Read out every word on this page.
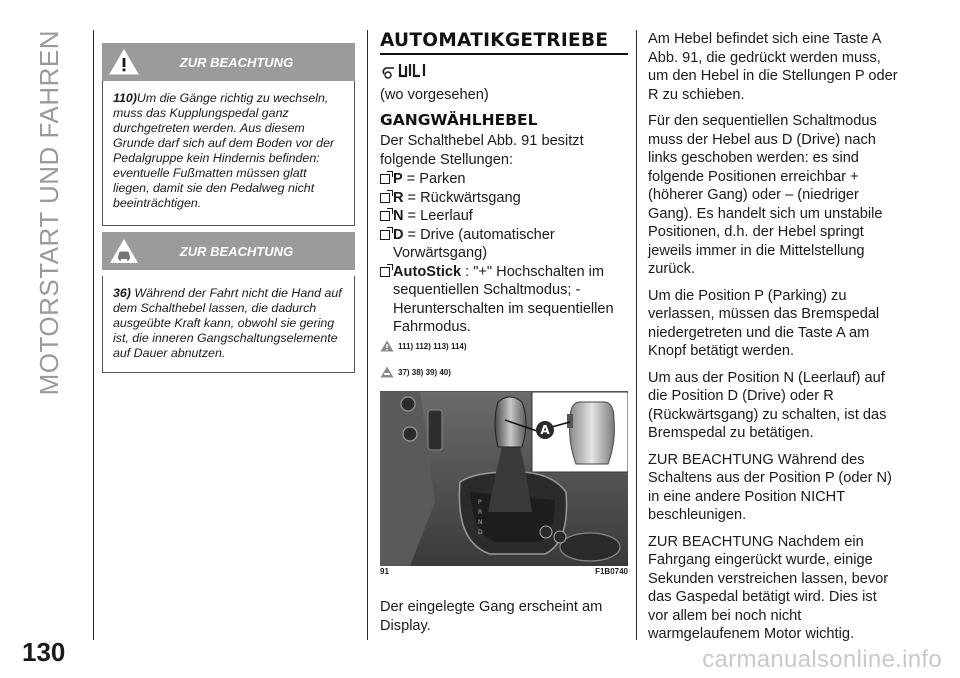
MOTORSTART UND FAHREN
130	carmanualsonline.info
ZUR BEACHTUNG
110)Um die Gänge richtig zu wechseln, muss das Kupplungspedal ganz durchgetreten werden. Aus diesem Grunde darf sich auf dem Boden vor der Pedalgruppe kein Hindernis befinden: eventuelle Fußmatten müssen glatt liegen, damit sie den Pedalweg nicht beeinträchtigen.
ZUR BEACHTUNG
36) Während der Fahrt nicht die Hand auf dem Schalthebel lassen, die dadurch ausgeübte Kraft kann, obwohl sie gering ist, die inneren Gangschaltungselemente auf Dauer abnutzen.
AUTOMATIKGETRIEBE
(wo vorgesehen)
GANGWÄHLHEBEL
Der Schalthebel Abb. 91 besitzt folgende Stellungen:
P = Parken
R = Rückwärtsgang
N = Leerlauf
D = Drive (automatischer Vorwärtsgang)
AutoStick : "+" Hochschalten im sequentiellen Schaltmodus; - Herunterschalten im sequentiellen Fahrmodus.
111) 112) 113) 114)
37) 38) 39) 40)
P
R
N
D
A
91	F1B0740
Der eingelegte Gang erscheint am Display.

Am Hebel befindet sich eine Taste A Abb. 91, die gedrückt werden muss, um den Hebel in die Stellungen P oder R zu schieben.

Für den sequentiellen Schaltmodus muss der Hebel aus D (Drive) nach links geschoben werden: es sind folgende Positionen erreichbar + (höherer Gang) oder – (niedriger Gang). Es handelt sich um unstabile Positionen, d.h. der Hebel springt jeweils immer in die Mittelstellung zurück.

Um die Position P (Parking) zu verlassen, müssen das Bremspedal niedergetreten und die Taste A am Knopf betätigt werden.

Um aus der Position N (Leerlauf) auf die Position D (Drive) oder R (Rückwärtsgang) zu schalten, ist das Bremspedal zu betätigen.

ZUR BEACHTUNG Während des Schaltens aus der Position P (oder N) in eine andere Position NICHT beschleunigen.

ZUR BEACHTUNG Nachdem ein Fahrgang eingerückt wurde, einige Sekunden verstreichen lassen, bevor das Gaspedal betätigt wird. Dies ist vor allem bei noch nicht warmgelaufenem Motor wichtig.
